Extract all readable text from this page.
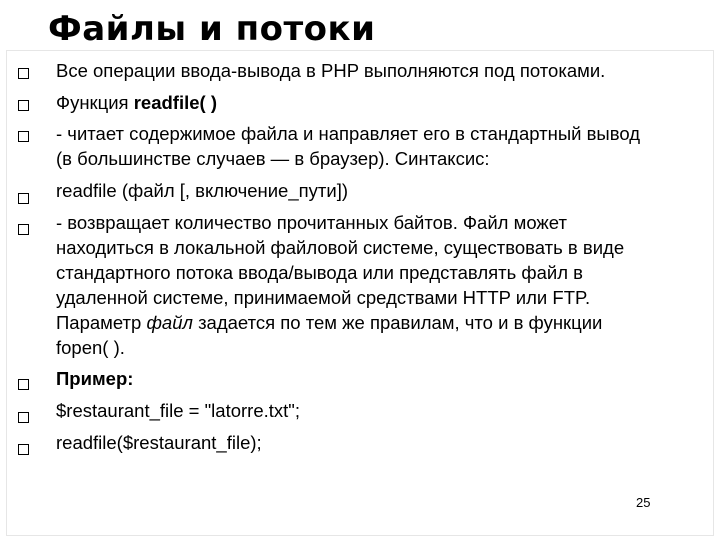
Файлы и потоки
Все операции ввода-вывода в PHP выполняются под потоками.
Функция readfile( )
- читает содержимое файла и направляет его в стандартный вывод
(в большинстве случаев — в браузер). Синтаксис:
readfile (файл [, включение_пути])
- возвращает количество прочитанных байтов. Файл может
находиться в локальной файловой системе, существовать в виде
стандартного потока ввода/вывода или представлять файл в
удаленной системе, принимаемой средствами HTTP или FTP.
Параметр файл задается по тем же правилам, что и в функции
fopen( ).
Пример:
$restaurant_file = "latorre.txt";
readfile($restaurant_file);
25
